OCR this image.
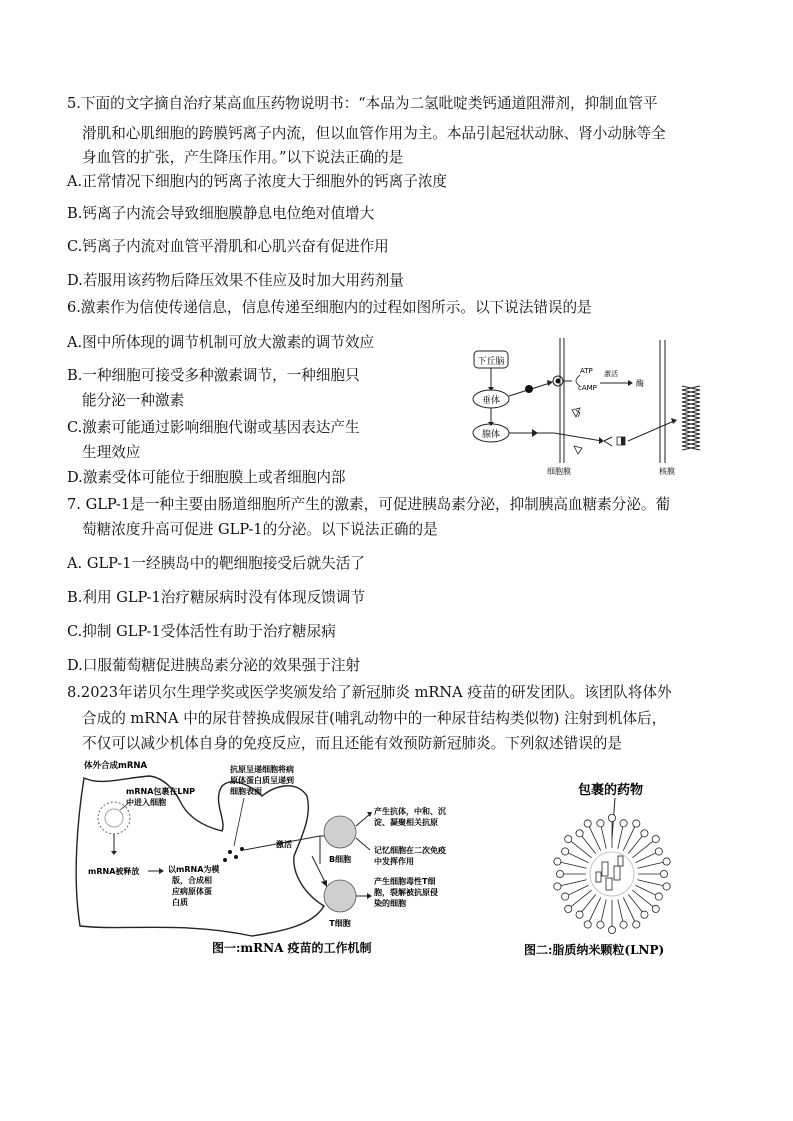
5.下面的文字摘自治疗某高血压药物说明书：“本品为二氢吡啶类钙通道阻滞剂，抑制血管平
滑肌和心肌细胞的跨膜钙离子内流，但以血管作用为主。本品引起冠状动脉、肾小动脉等全
身血管的扩张，产生降压作用。”以下说法正确的是
A.正常情况下细胞内的钙离子浓度大于细胞外的钙离子浓度
B.钙离子内流会导致细胞膜静息电位绝对值增大
C.钙离子内流对血管平滑肌和心肌兴奋有促进作用
D.若服用该药物后降压效果不佳应及时加大用药剂量
6.激素作为信使传递信息，信息传递至细胞内的过程如图所示。以下说法错误的是
A.图中所体现的调节机制可放大激素的调节效应
B.一种细胞可接受多种激素调节，一种细胞只
能分泌一种激素
C.激素可能通过影响细胞代谢或基因表达产生
生理效应
D.激素受体可能位于细胞膜上或者细胞内部
下丘脑
垂体
腺体
ATP
cAMP
激活
酶
细胞膜	核膜
7. GLP-1是一种主要由肠道细胞所产生的激素，可促进胰岛素分泌，抑制胰高血糖素分泌。葡
萄糖浓度升高可促进 GLP-1的分泌。以下说法正确的是
A. GLP-1一经胰岛中的靶细胞接受后就失活了
B.利用 GLP-1治疗糖尿病时没有体现反馈调节
C.抑制 GLP-1受体活性有助于治疗糖尿病
D.口服葡萄糖促进胰岛素分泌的效果强于注射
8.2023年诺贝尔生理学奖或医学奖颁发给了新冠肺炎 mRNA 疫苗的研发团队。该团队将体外
合成的 mRNA 中的尿苷替换成假尿苷(哺乳动物中的一种尿苷结构类似物) 注射到机体后，
不仅可以减少机体自身的免疫反应，而且还能有效预防新冠肺炎。下列叙述错误的是
体外合成mRNA
mRNA包裹在LNP
中进入细胞
mRNA被释放	以mRNA为模
版，合成相
应病原体蛋
白质
抗原呈递细胞将病
原体蛋白质呈递到
细胞表面
激活
B细胞
T细胞
产生抗体，中和、沉
淀、凝聚相关抗原
记忆细胞在二次免疫
中发挥作用
产生细胞毒性T细
胞，裂解被抗原侵
染的细胞
图一:mRNA 疫苗的工作机制
包裹的药物
图二:脂质纳米颗粒(LNP)
